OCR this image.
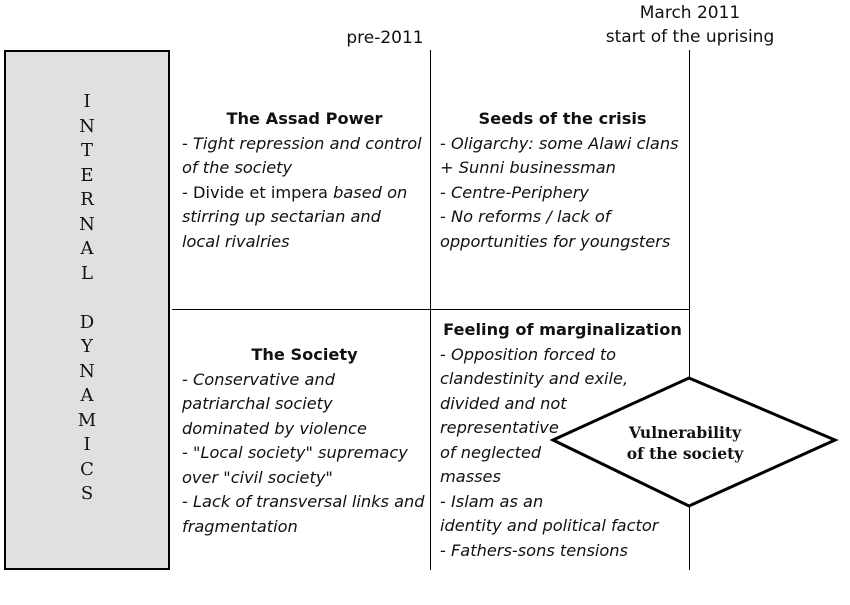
pre-2011
March 2011
start of the uprising
I
N
T
E
R
N
A
L
D
Y
N
A
M
I
C
S
The Assad Power
- Tight repression and control
of the society
- Divide et impera based on
stirring up sectarian and
local rivalries
Seeds of the crisis
- Oligarchy: some Alawi clans
+ Sunni businessman
- Centre-Periphery
- No reforms / lack of
opportunities for youngsters
The Society
- Conservative and
patriarchal society
dominated by violence
- "Local society" supremacy
over "civil society"
- Lack of transversal links and
fragmentation
Feeling of marginalization
- Opposition forced to
clandestinity and exile,
divided and not
representative
of neglected
masses
- Islam as an
identity and political factor
- Fathers-sons tensions
Vulnerability
of the society
